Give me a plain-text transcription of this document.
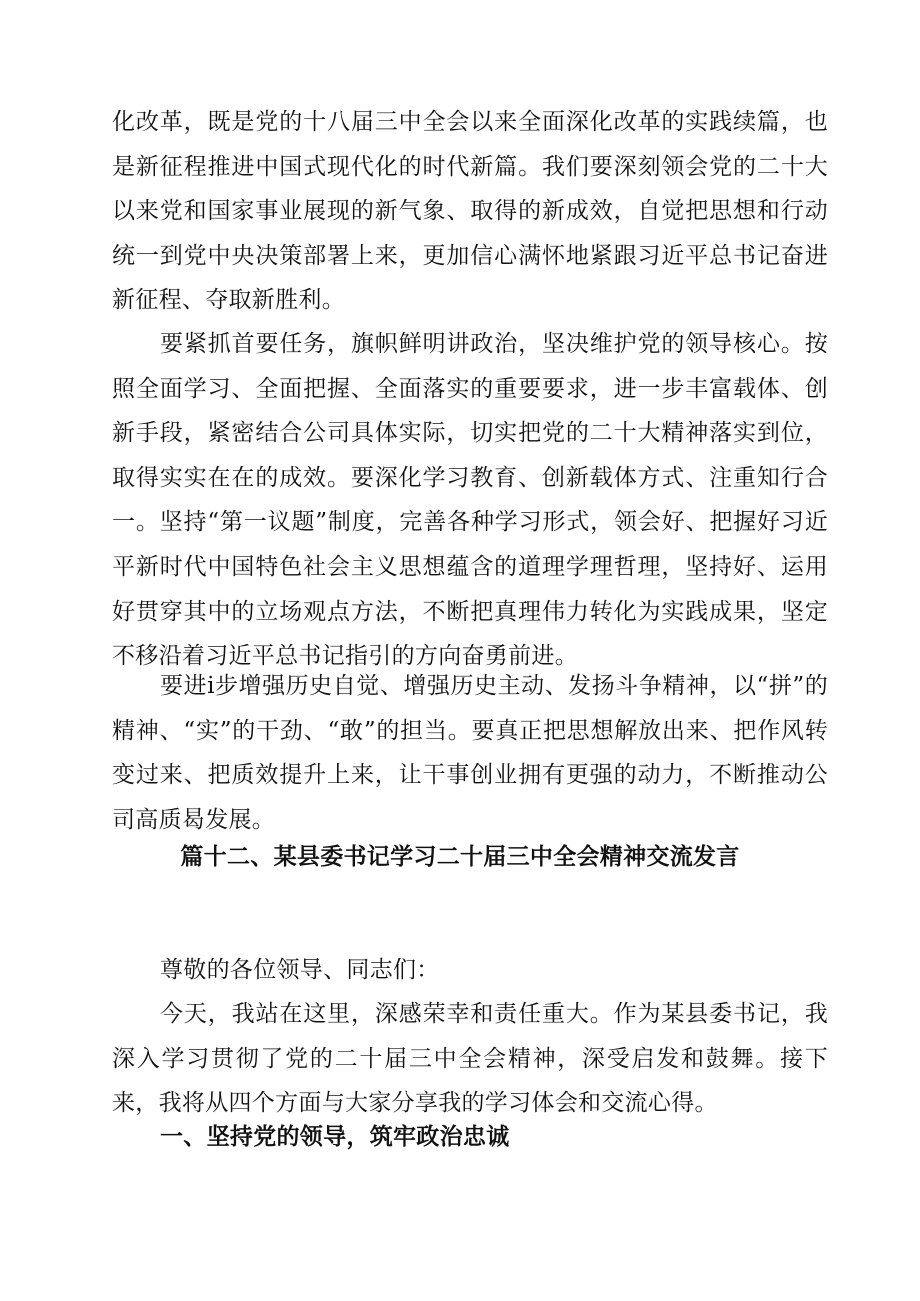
化改革，既是党的十八届三中全会以来全面深化改革的实践续篇，也是新征程推进中国式现代化的时代新篇。我们要深刻领会党的二十大以来党和国家事业展现的新气象、取得的新成效，自觉把思想和行动统一到党中央决策部署上来，更加信心满怀地紧跟习近平总书记奋进新征程、夺取新胜利。

要紧抓首要任务，旗帜鲜明讲政治，坚决维护党的领导核心。按照全面学习、全面把握、全面落实的重要要求，进一步丰富载体、创新手段，紧密结合公司具体实际，切实把党的二十大精神落实到位，取得实实在在的成效。要深化学习教育、创新载体方式、注重知行合一。坚持“第一议题”制度，完善各种学习形式，领会好、把握好习近平新时代中国特色社会主义思想蕴含的道理学理哲理，坚持好、运用好贯穿其中的立场观点方法，不断把真理伟力转化为实践成果，坚定不移沿着习近平总书记指引的方向奋勇前进。

要进i步增强历史自觉、增强历史主动、发扬斗争精神，以“拼”的精神、“实”的干劲、“敢”的担当。要真正把思想解放出来、把作风转变过来、把质效提升上来，让干事创业拥有更强的动力，不断推动公司高质曷发展。

篇十二、某县委书记学习二十届三中全会精神交流发言

尊敬的各位领导、同志们：

今天，我站在这里，深感荣幸和责任重大。作为某县委书记，我深入学习贯彻了党的二十届三中全会精神，深受启发和鼓舞。接下来，我将从四个方面与大家分享我的学习体会和交流心得。

一、坚持党的领导，筑牢政治忠诚
